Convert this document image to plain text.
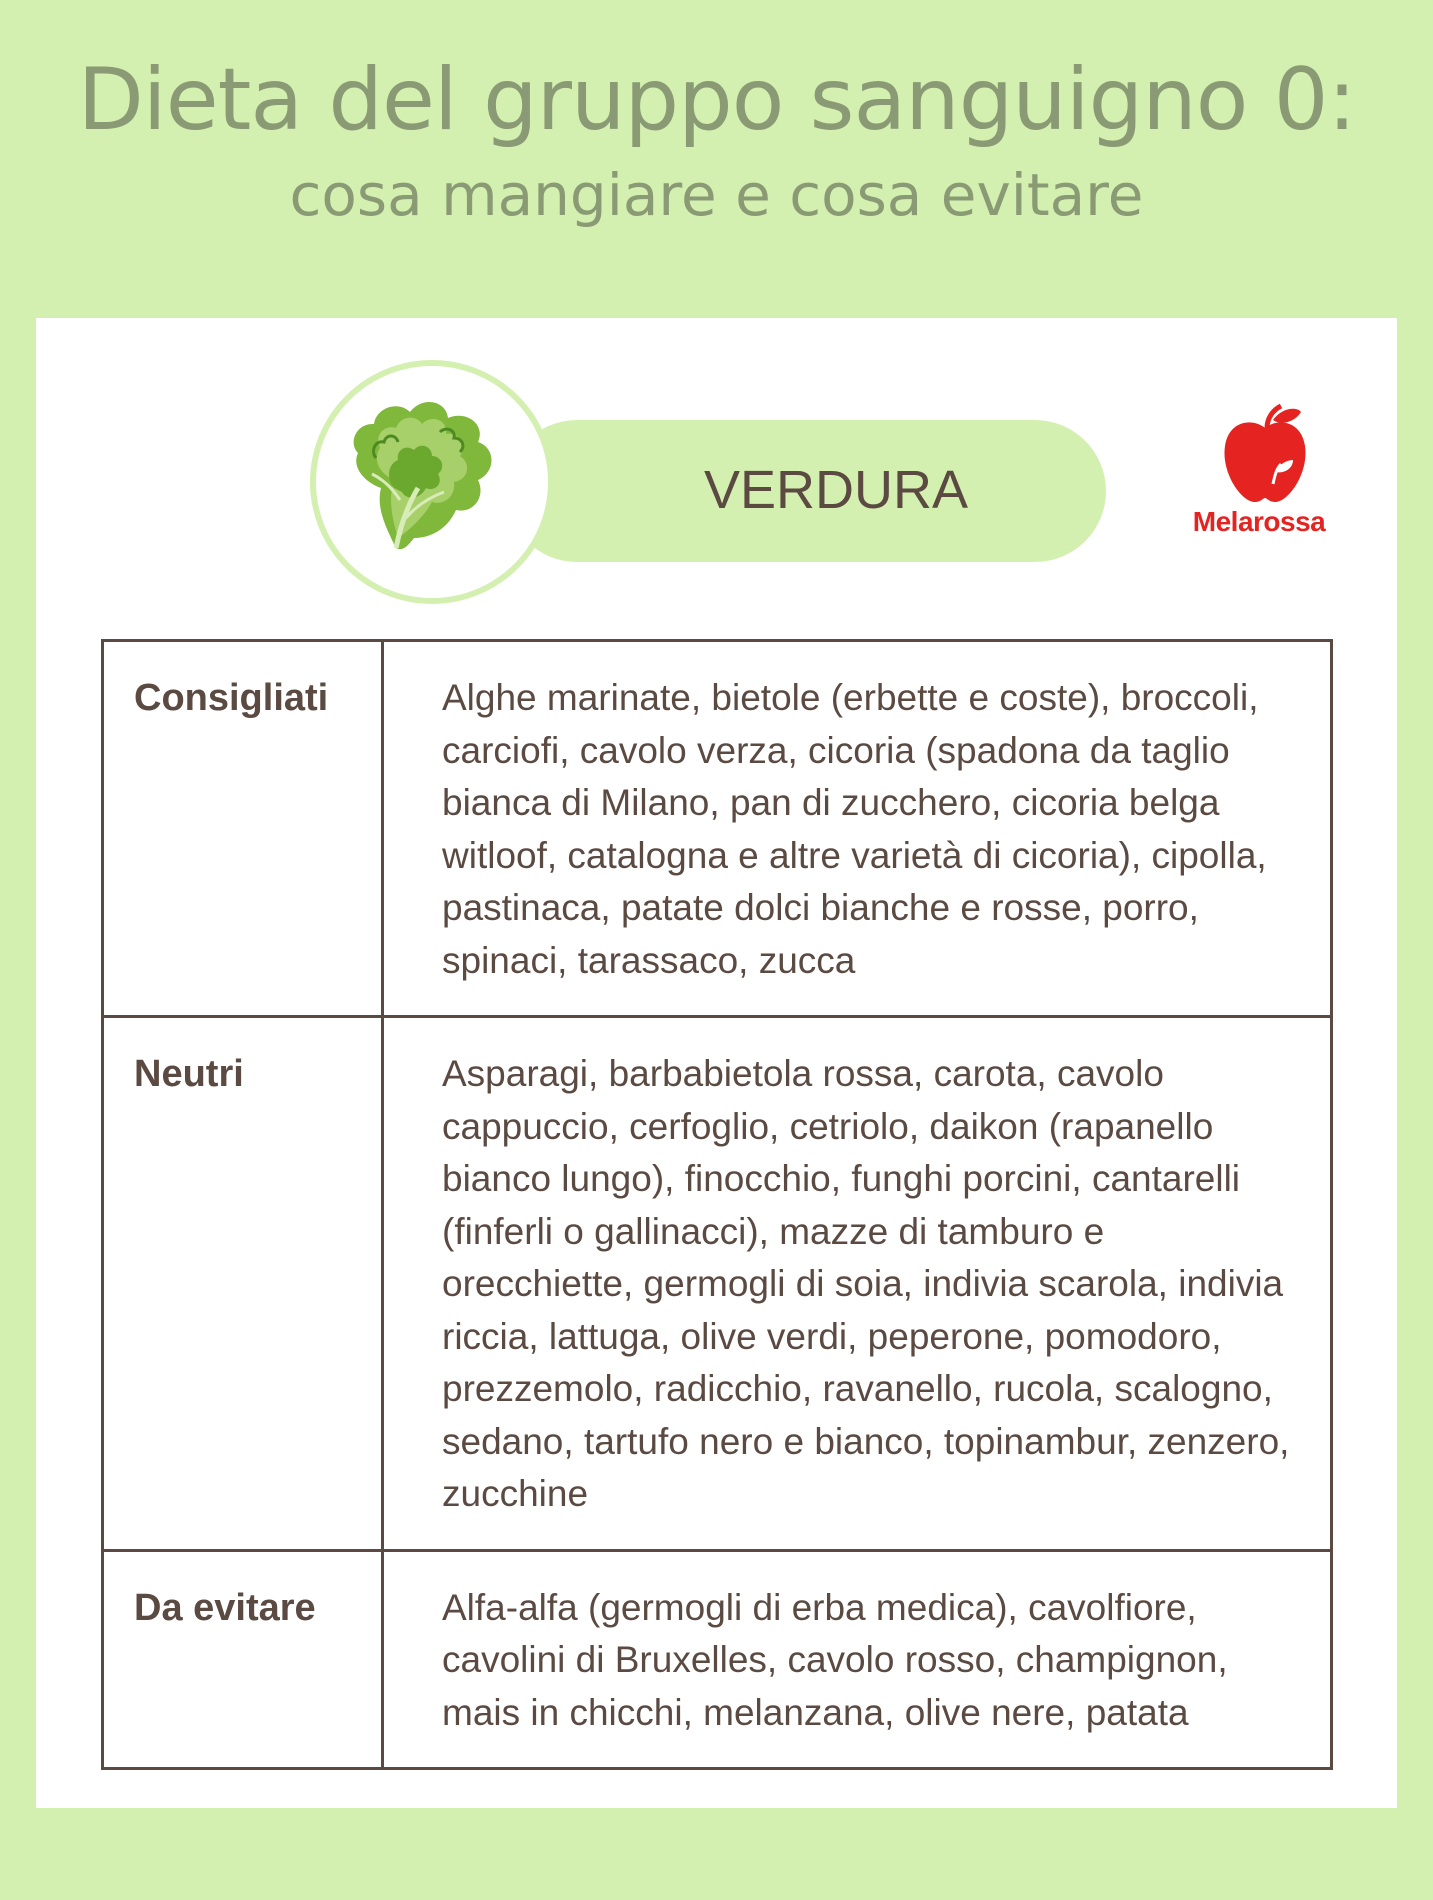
Dieta del gruppo sanguigno 0:
cosa mangiare e cosa evitare
VERDURA
Melarossa
Consigliati	Alghe marinate, bietole (erbette e coste), broccoli, carciofi, cavolo verza, cicoria (spadona da taglio bianca di Milano, pan di zucchero, cicoria belga witloof, catalogna e altre varietà di cicoria), cipolla, pastinaca, patate dolci bianche e rosse, porro, spinaci, tarassaco, zucca
Neutri	Asparagi, barbabietola rossa, carota, cavolo cappuccio, cerfoglio, cetriolo, daikon (rapanello bianco lungo), finocchio, funghi porcini, cantarelli (finferli o gallinacci), mazze di tamburo e orecchiette, germogli di soia, indivia scarola, indivia riccia, lattuga, olive verdi, peperone, pomodoro, prezzemolo, radicchio, ravanello, rucola, scalogno, sedano, tartufo nero e bianco, topinambur, zenzero, zucchine
Da evitare	Alfa-alfa (germogli di erba medica), cavolfiore, cavolini di Bruxelles, cavolo rosso, champignon, mais in chicchi, melanzana, olive nere, patata
